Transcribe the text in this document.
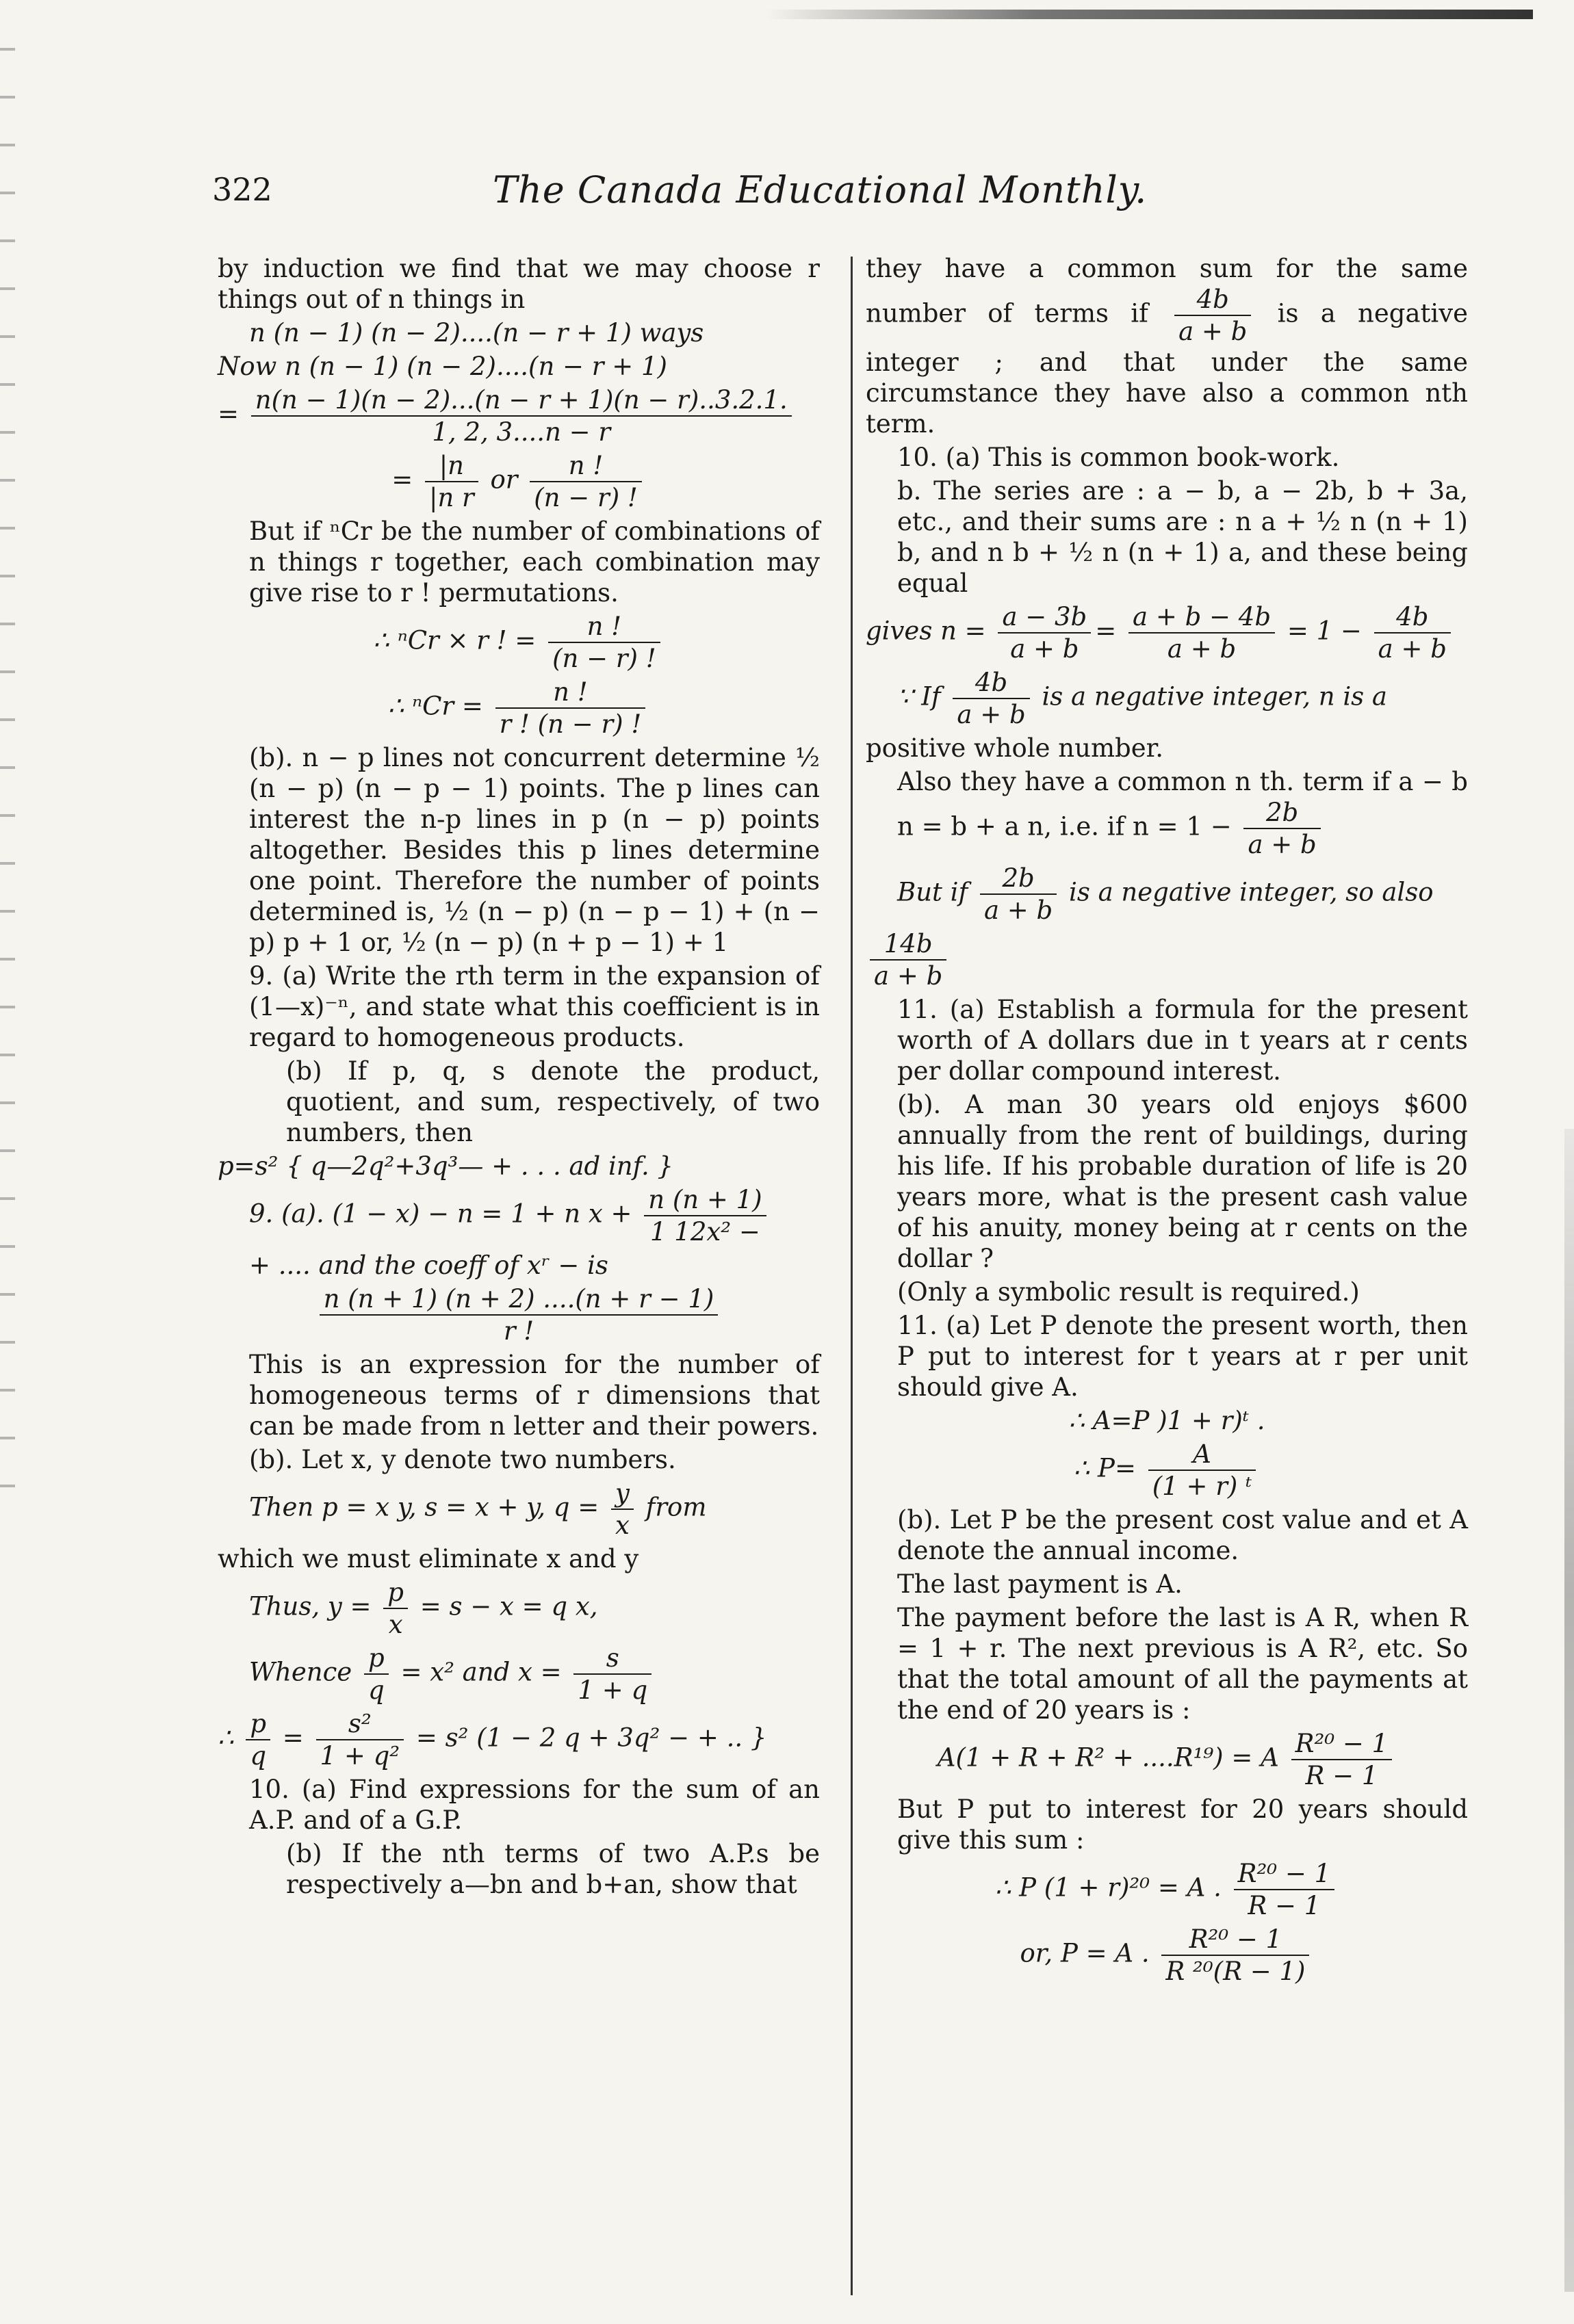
322	The Canada Educational Monthly.

by induction we find that we may choose r things out of n things in

n (n − 1) (n − 2)....(n − r + 1) ways

Now n (n − 1) (n − 2)....(n − r + 1)

= $\frac{n(n - 1)(n - 2)...(n - r + 1)(n - r)..3.2.1.}{1, 2, 3....n - r}$

= $\frac{|n}{\text{|n r}}$ or $\frac{n !}{(n - r) !}$

But if ⁿCr be the number of combinations of n things r together, each combination may give rise to r ! permutations.

∴ ⁿCr × r ! = $\frac{n !}{(n - r) !}$

∴ $^nCr = \frac{n !}{r ! (n - r) !}$

(b). n − p lines not concurrent determine ½ (n − p) (n − p − 1) points. The p lines can interest the n-p lines in p (n − p) points altogether. Besides this p lines determine one point. Therefore the number of points determined is, ½ (n − p) (n − p − 1) + (n − p) p + 1 or, ½ (n − p) (n + p − 1) + 1

9. (a) Write the rth term in the expansion of (1—x)⁻ⁿ, and state what this coefficient is in regard to homogeneous products.

(b) If p, q, s denote the product, quotient, and sum, respectively, of two numbers, then

p=s² { q—2q²+3q³— + . . . ad inf. }

9. (a). (1 − x) − n = 1 + n $x + \frac{n (n + 1)}{\text{1 12x² −}}$

+ .... and the coeff of xʳ − is

$\frac{n (n + 1) (n + 2) ....(n + r - 1)}{r !}$

This is an expression for the number of homogeneous terms of r dimensions that can be made from n letter and their powers.

(b). Let x, y denote two numbers.

Then p = x y, s = x + y, $q = \frac{y}{x}$ from

which we must eliminate x and y

Thus, $y = \frac{p}{x} = s - x = q$ x,

Whence $\frac{p}{q} = x^2$ and $x = \frac{s}{1 + q}$

∴ $\frac{p}{q} = \frac{\text{s²}}{\text{1 + q²}} = s^2$ (1 − 2 q + 3q² − + .. }

10. (a) Find expressions for the sum of an A.P. and of a G.P.

(b) If the nth terms of two A.P.s be respectively a—bn and b+an, show that

they have a common sum for the same number of terms if $\frac{4b}{a + b}$ is a negative integer ; and that under the same circumstance they have also a common nth term.

10. (a) This is common book-work.

b. The series are : a − b, a − 2b, b + 3a, etc., and their sums are : n a + ½ n (n + 1) b, and n b + ½ n (n + 1) a, and these being equal

gives $n = \frac{a - 3b}{a + b} = \frac{a + b - 4b}{a + b} = 1 - \frac{4b}{a + b}$

∵ If $\frac{4b}{a + b}$ is a negative integer, n is a

positive whole number.

Also they have a common n th. term if a − b n = b + a n, i.e. if $n = 1 - \frac{2b}{a + b}$

But if $\frac{2b}{a + b}$ is a negative integer, so also

$\frac{14b}{a + b}$

11. (a) Establish a formula for the present worth of A dollars due in t years at r cents per dollar compound interest.

(b). A man 30 years old enjoys $600 annually from the rent of buildings, during his life. If his probable duration of life is 20 years more, what is the present cash value of his anuity, money being at r cents on the dollar ?

(Only a symbolic result is required.)

11. (a) Let P denote the present worth, then P put to interest for t years at r per unit should give A.

∴ A=P )1 + r)ᵗ .

∴ $P= \frac{A}{\text{(1 + r) ᵗ}}$

(b). Let P be the present cost value and et A denote the annual income.

The last payment is A.

The payment before the last is A R, when R = 1 + r. The next previous is A R², etc. So that the total amount of all the payments at the end of 20 years is :

A(1 + R + R² + ....R¹⁹) = A $\frac{\text{R²⁰ − 1}}{R - 1}$

But P put to interest for 20 years should give this sum :

∴ P (1 + r)²⁰ = A . $\frac{\text{R²⁰ − 1}}{R - 1}$

or, P = A . $\frac{\text{R²⁰ − 1}}{\text{R ²⁰(R − 1)}}$
